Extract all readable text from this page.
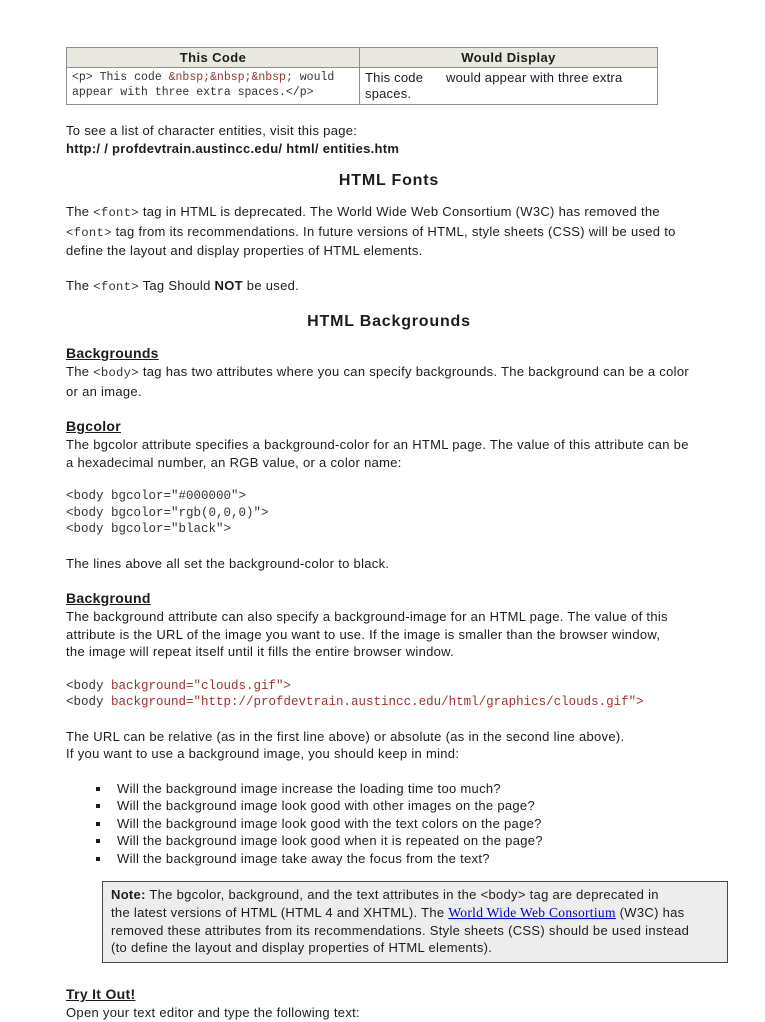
This Code	Would Display
<p> This code &nbsp;&nbsp;&nbsp; would
appear with three extra spaces.</p>	This code      would appear with three extra
spaces.

To see a list of character entities, visit this page:
http:/ / profdevtrain.austincc.edu/ html/ entities.htm

HTML Fonts

The <font> tag in HTML is deprecated. The World Wide Web Consortium (W3C) has removed the
<font> tag from its recommendations. In future versions of HTML, style sheets (CSS) will be used to
define the layout and display properties of HTML elements.

The <font> Tag Should NOT be used.

HTML Backgrounds
Backgrounds

The <body> tag has two attributes where you can specify backgrounds. The background can be a color
or an image.

Bgcolor

The bgcolor attribute specifies a background-color for an HTML page. The value of this attribute can be
a hexadecimal number, an RGB value, or a color name:

<body bgcolor="#000000">
<body bgcolor="rgb(0,0,0)">
<body bgcolor="black">

The lines above all set the background-color to black.

Background

The background attribute can also specify a background-image for an HTML page. The value of this
attribute is the URL of the image you want to use. If the image is smaller than the browser window,
the image will repeat itself until it fills the entire browser window.

<body background="clouds.gif">
<body background="http://profdevtrain.austincc.edu/html/graphics/clouds.gif">

The URL can be relative (as in the first line above) or absolute (as in the second line above).
If you want to use a background image, you should keep in mind:

Will the background image increase the loading time too much?
Will the background image look good with other images on the page?
Will the background image look good with the text colors on the page?
Will the background image look good when it is repeated on the page?
Will the background image take away the focus from the text?
Note: The bgcolor, background, and the text attributes in the <body> tag are deprecated in
the latest versions of HTML (HTML 4 and XHTML). The World Wide Web Consortium (W3C) has
removed these attributes from its recommendations. Style sheets (CSS) should be used instead
(to define the layout and display properties of HTML elements).
Try It Out!

Open your text editor and type the following text:
